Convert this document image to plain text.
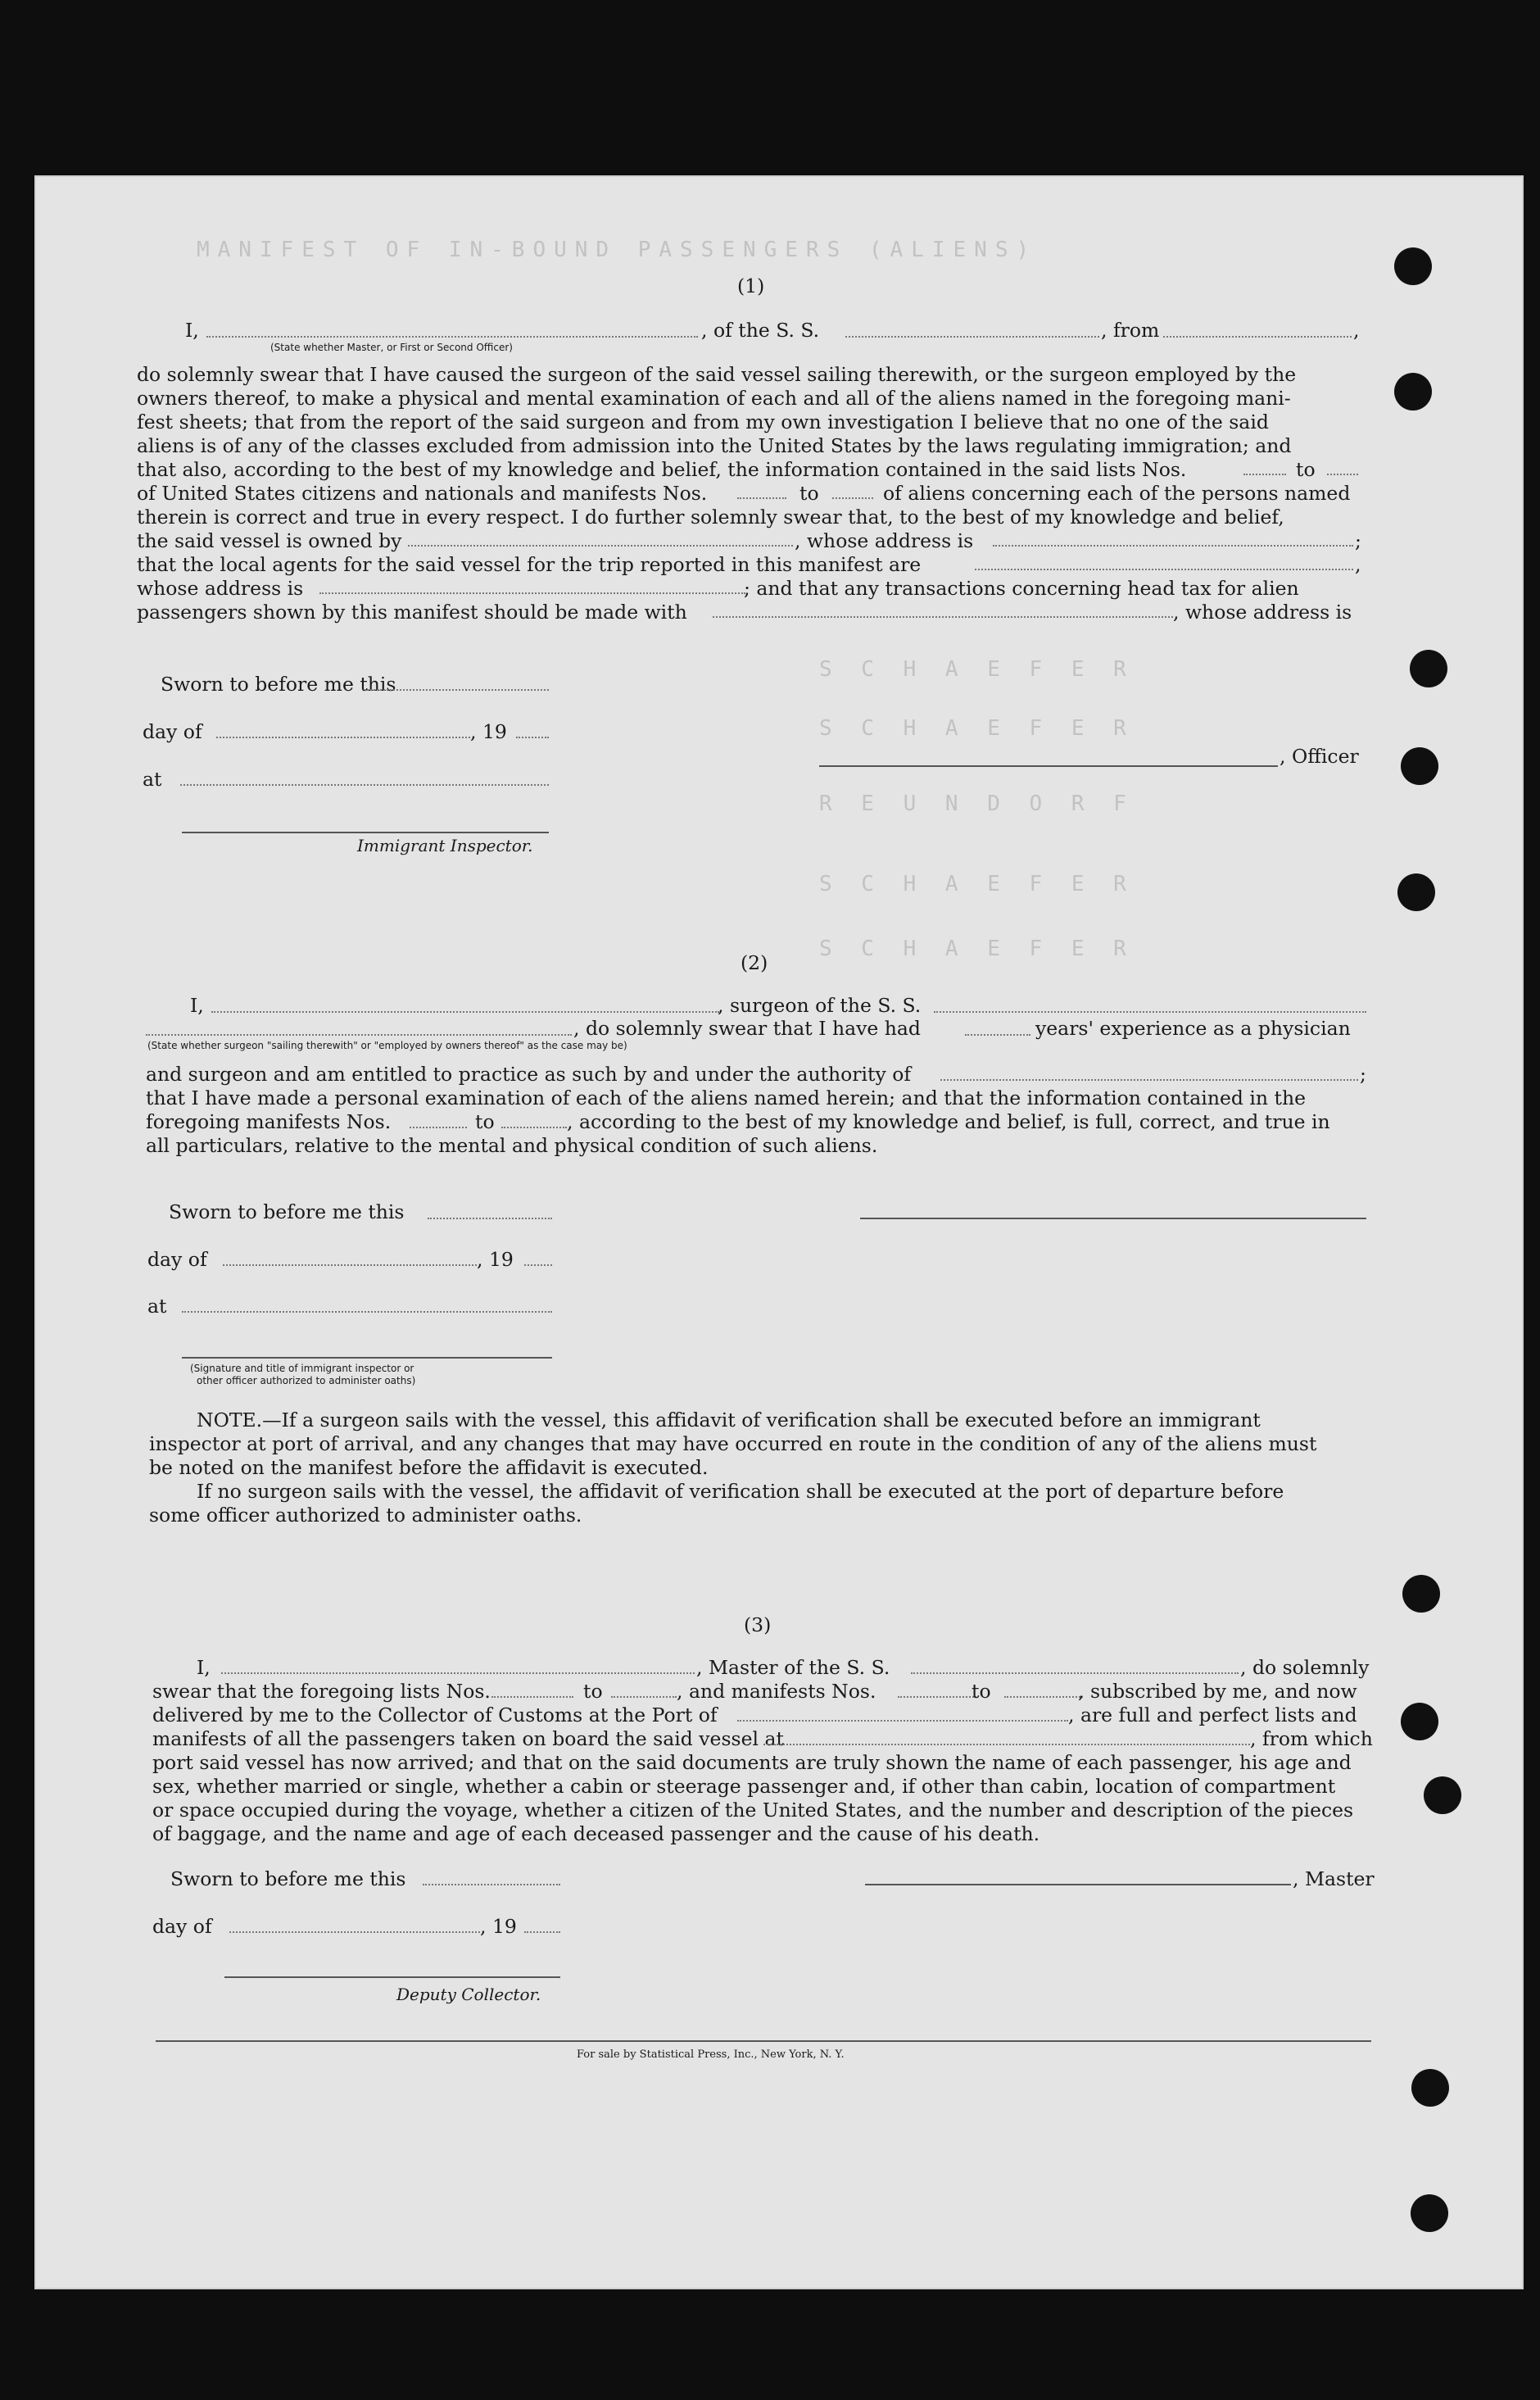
MANIFEST OF IN-BOUND PASSENGERS (ALIENS)
S C H A E F E R
S C H A E F E R
R E U N D O R F
S C H A E F E R
S C H A E F E R
(1)
I,	, of the S. S.	, from	,
(State whether Master, or First or Second Officer)
do solemnly swear that I have caused the surgeon of the said vessel sailing therewith, or the surgeon employed by the
owners thereof, to make a physical and mental examination of each and all of the aliens named in the foregoing mani-
fest sheets; that from the report of the said surgeon and from my own investigation I believe that no one of the said
aliens is of any of the classes excluded from admission into the United States by the laws regulating immigration; and
that also, according to the best of my knowledge and belief, the information contained in the said lists Nos.	to
of United States citizens and nationals and manifests Nos.	to	of aliens concerning each of the persons named
therein is correct and true in every respect. I do further solemnly swear that, to the best of my knowledge and belief,
the said vessel is owned by	, whose address is	;
that the local agents for the said vessel for the trip reported in this manifest are	,
whose address is	; and that any transactions concerning head tax for alien
passengers shown by this manifest should be made with	, whose address is
Sworn to before me this
day of	, 19
, Officer
at
Immigrant Inspector.
(2)
I,	, surgeon of the S. S.
, do solemnly swear that I have had	years' experience as a physician
(State whether surgeon "sailing therewith" or "employed by owners thereof" as the case may be)
and surgeon and am entitled to practice as such by and under the authority of	;
that I have made a personal examination of each of the aliens named herein; and that the information contained in the
foregoing manifests Nos.	to	, according to the best of my knowledge and belief, is full, correct, and true in
all particulars, relative to the mental and physical condition of such aliens.
Sworn to before me this
day of	, 19
at
(Signature and title of immigrant inspector or
other officer authorized to administer oaths)
NOTE.—If a surgeon sails with the vessel, this affidavit of verification shall be executed before an immigrant
inspector at port of arrival, and any changes that may have occurred en route in the condition of any of the aliens must
be noted on the manifest before the affidavit is executed.
If no surgeon sails with the vessel, the affidavit of verification shall be executed at the port of departure before
some officer authorized to administer oaths.
(3)
I,	, Master of the S. S.	, do solemnly
swear that the foregoing lists Nos.	to	, and manifests Nos.	to	, subscribed by me, and now
delivered by me to the Collector of Customs at the Port of	, are full and perfect lists and
manifests of all the passengers taken on board the said vessel at	, from which
port said vessel has now arrived; and that on the said documents are truly shown the name of each passenger, his age and
sex, whether married or single, whether a cabin or steerage passenger and, if other than cabin, location of compartment
or space occupied during the voyage, whether a citizen of the United States, and the number and description of the pieces
of baggage, and the name and age of each deceased passenger and the cause of his death.
Sworn to before me this	, Master
day of	, 19
Deputy Collector.
For sale by Statistical Press, Inc., New York, N. Y.
